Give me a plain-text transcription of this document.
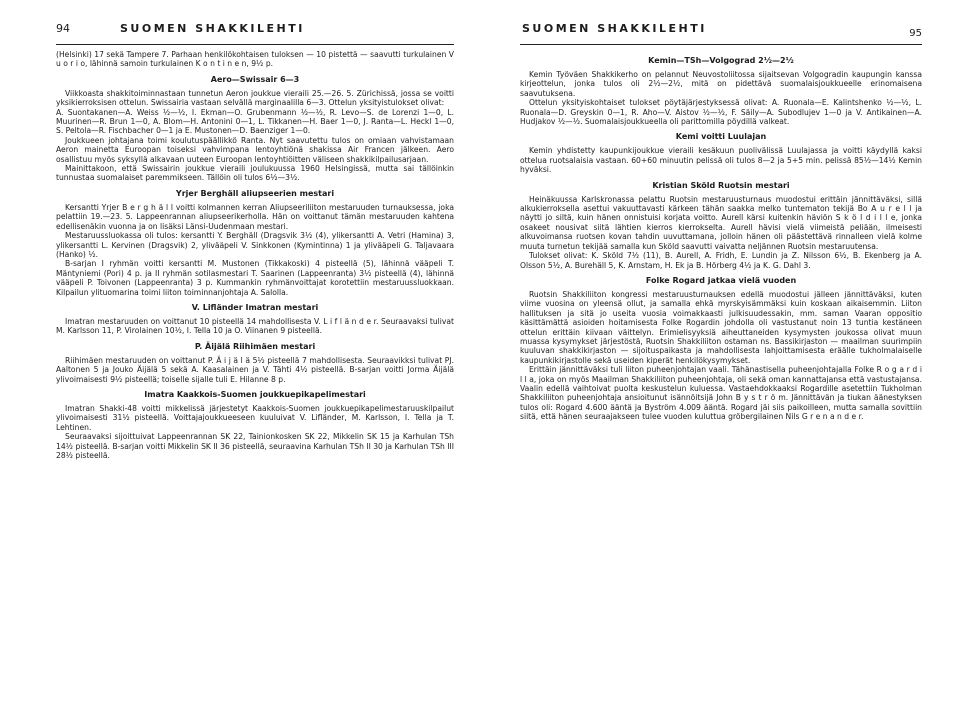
94	SUOMEN SHAKKILEHTI

(Helsinki) 17 sekä Tampere 7. Parhaan henkilökohtaisen tuloksen — 10 pistettä — saavutti turkulainen V u o r i o, lähinnä samoin turkulainen K o n t i n e n, 9½ p.

Aero—Swissair 6—3

Viikkoasta shakkitoiminnastaan tunnetun Aeron joukkue vieraili 25.—26. 5. Zürichissä, jossa se voitti yksikierroksisen ottelun. Swissairia vastaan selvällä marginaalilla 6—3. Ottelun yksityistulokset olivat:

A. Suontakanen—A. Weiss ½—½, I. Ekman—O. Grubenmann ½—½, R. Levo—S. de Lorenzi 1—0, L. Muurinen—R. Brun 1—0, A. Blom—H. Antonini 0—1, L. Tikkanen—H. Baer 1—0, J. Ranta—L. Heckl 1—0, S. Peltola—R. Fischbacher 0—1 ja E. Mustonen—D. Baenziger 1—0.

Joukkueen johtajana toimi koulutuspäällikkö Ranta. Nyt saavutettu tulos on omiaan vahvistamaan Aeron mainetta Euroopan toiseksi vahvimpana lentoyhtiönä shakissa Air Francen jälkeen. Aero osallistuu myös syksyllä alkavaan uuteen Euroopan lentoyhtiöitten väliseen shakkikilpailusarjaan.

Mainittakoon, että Swissairin joukkue vieraili joulukuussa 1960 Helsingissä, mutta sai tällöinkin tunnustaa suomalaiset paremmikseen. Tällöin oli tulos 6½—3½.

Yrjer Berghäll aliupseerien mestari

Kersantti Yrjer B e r g h ä l l voitti kolmannen kerran Aliupseeriliiton mestaruuden turnauksessa, joka pelattiin 19.—23. 5. Lappeenrannan aliupseerikerholla. Hän on voittanut tämän mestaruuden kahtena edellisenäkin vuonna ja on lisäksi Länsi-Uudenmaan mestari.

Mestaruussluokassa oli tulos: kersantti Y. Berghäll (Dragsvik 3½ (4), ylikersantti A. Vetri (Hamina) 3, ylikersantti L. Kervinen (Dragsvik) 2, ylivääpeli V. Sinkkonen (Kymintinna) 1 ja ylivääpeli G. Taljavaara (Hanko) ½.

B-sarjan I ryhmän voitti kersantti M. Mustonen (Tikkakoski) 4 pisteellä (5), lähinnä vääpeli T. Mäntyniemi (Pori) 4 p. ja II ryhmän sotilasmestari T. Saarinen (Lappeenranta) 3½ pisteellä (4), lähinnä vääpeli P. Toivonen (Lappeenranta) 3 p. Kummankin ryhmänvoittajat korotettiin mestaruussluokkaan. Kilpailun ylituomarina toimi liiton toiminnanjohtaja A. Salolla.

V. Lifländer Imatran mestari

Imatran mestaruuden on voittanut 10 pisteellä 14 mahdollisesta V. L i f l ä n d e r. Seuraavaksi tulivat M. Karlsson 11, P. Virolainen 10½, I. Tella 10 ja O. Viinanen 9 pisteellä.

P. Äijälä Riihimäen mestari

Riihimäen mestaruuden on voittanut P. Ä i j ä l ä 5½ pisteellä 7 mahdollisesta. Seuraavikksi tulivat PJ. Aaltonen 5 ja Jouko Äijälä 5 sekä A. Kaasalainen ja V. Tähti 4½ pisteellä. B-sarjan voitti Jorma Äijälä ylivoimaisesti 9½ pisteellä; toiselle sijalle tuli E. Hilanne 8 p.

Imatra Kaakkois-Suomen joukkuepikapelimestari

Imatran Shakki-48 voitti mikkelissä järjestetyt Kaakkois-Suomen joukkuepikapelimestaruuskilpailut ylivoimaisesti 31½ pisteellä. Voittajajoukkueeseen kuuluivat V. Lifländer, M. Karlsson, I. Tella ja T. Lehtinen.

Seuraavaksi sijoittuivat Lappeenrannan SK 22, Tainionkosken SK 22, Mikkelin SK 15 ja Karhulan TSh 14½ pisteellä. B-sarjan voitti Mikkelin SK II 36 pisteellä, seuraavina Karhulan TSh II 30 ja Karhulan TSh III 28½ pisteellä.

SUOMEN SHAKKILEHTI	95
Kemin—TSh—Volgograd 2½—2½

Kemin Työväen Shakkikerho on pelannut Neuvostoliitossa sijaitsevan Volgogradin kaupungin kanssa kirjeottelun, jonka tulos oli 2½—2½, mitä on pidettävä suomalaisjoukkueelle erinomaisena saavutuksena.

Ottelun yksityiskohtaiset tulokset pöytäjärjestyksessä olivat: A. Ruonala—E. Kalintshenko ½—½, L. Ruonala—D. Greyskin 0—1, R. Aho—V. Aistov ½—½, F. Säily—A. Subodlujev 1—0 ja V. Antikainen—A. Hudjakov ½—½. Suomalaisjoukkueella oli parittomilla pöydillä valkeat.

Kemi voitti Luulajan

Kemin yhdistetty kaupunkijoukkue vieraili kesäkuun puolivälissä Luulajassa ja voitti käydyllä kaksi ottelua ruotsalaisia vastaan. 60+60 minuutin pelissä oli tulos 8—2 ja 5+5 min. pelissä 85½—14½ Kemin hyväksi.

Kristian Sköld Ruotsin mestari

Heinäkuussa Karlskronassa pelattu Ruotsin mestaruusturnaus muodostui erittäin jännittäväksi, sillä alkukierroksella asettui vakuuttavasti kärkeen tähän saakka melko tuntematon tekijä Bo A u r e l l ja näytti jo siltä, kuin hänen onnistuisi korjata voitto. Aurell kärsi kuitenkin häviön S k ö l d i l l e, jonka osakeet nousivat siitä lähtien kierros kierrokselta. Aurell hävisi vielä viimeistä peliään, ilmeisesti alkuvoimansa ruotsen kovan tahdin uuvuttamana, jolloin hänen oli päästettävä rinnalleen vielä kolme muuta turnetun tekijää samalla kun Sköld saavutti vaivatta neljännen Ruotsin mestaruutensa.

Tulokset olivat: K. Sköld 7½ (11), B. Aurell, A. Fridh, E. Lundin ja Z. Nilsson 6½, B. Ekenberg ja A. Olsson 5½, A. Burehäll 5, K. Arnstam, H. Ek ja B. Hörberg 4½ ja K. G. Dahl 3.

Folke Rogard jatkaa vielä vuoden

Ruotsin Shakkiliiton kongressi mestaruusturnauksen edellä muodostui jälleen jännittäväksi, kuten viime vuosina on yleensä ollut, ja samalla ehkä myrskyisämmäksi kuin koskaan aikaisemmin. Liiton hallituksen ja sitä jo useita vuosia voimakkaasti julkisuudessakin, mm. saman Vaaran oppositio käsittämättä asioiden hoitamisesta Folke Rogardin johdolla oli vastustanut noin 13 tuntia kestäneen ottelun erittäin kiivaan väittelyn. Erimielisyyksiä aiheuttaneiden kysymysten joukossa olivat muun muassa kysymykset järjestöstä, Ruotsin Shakkiliiton ostaman ns. Bassikirjaston — maailman suurimpiin kuuluvan shakkikirjaston — sijoituspaikasta ja mahdollisesta lahjoittamisesta eräälle tukholmalaiselle kaupunkikirjastolle sekä useiden kiperät henkilökysymykset.

Erittäin jännittäväksi tuli liiton puheenjohtajan vaali. Tähänastisella puheenjohtajalla Folke R o g a r d i l l a, joka on myös Maailman Shakkiliiton puheenjohtaja, oli sekä oman kannattajansa että vastustajansa. Vaalin edellä vaihtoivat puolta keskustelun kuluessa. Vastaehdokkaaksi Rogardille asetettiin Tukholman Shakkiliiton puheenjohtaja ansioitunut isännöitsijä John B y s t r ö m. Jännittävän ja tiukan äänestyksen tulos oli: Rogard 4.600 ääntä ja Byström 4.009 ääntä. Rogard jäi siis paikoilleen, mutta samalla sovittiin siitä, että hänen seuraajakseen tulee vuoden kuluttua gröbergilainen Nils G r e n a n d e r.
